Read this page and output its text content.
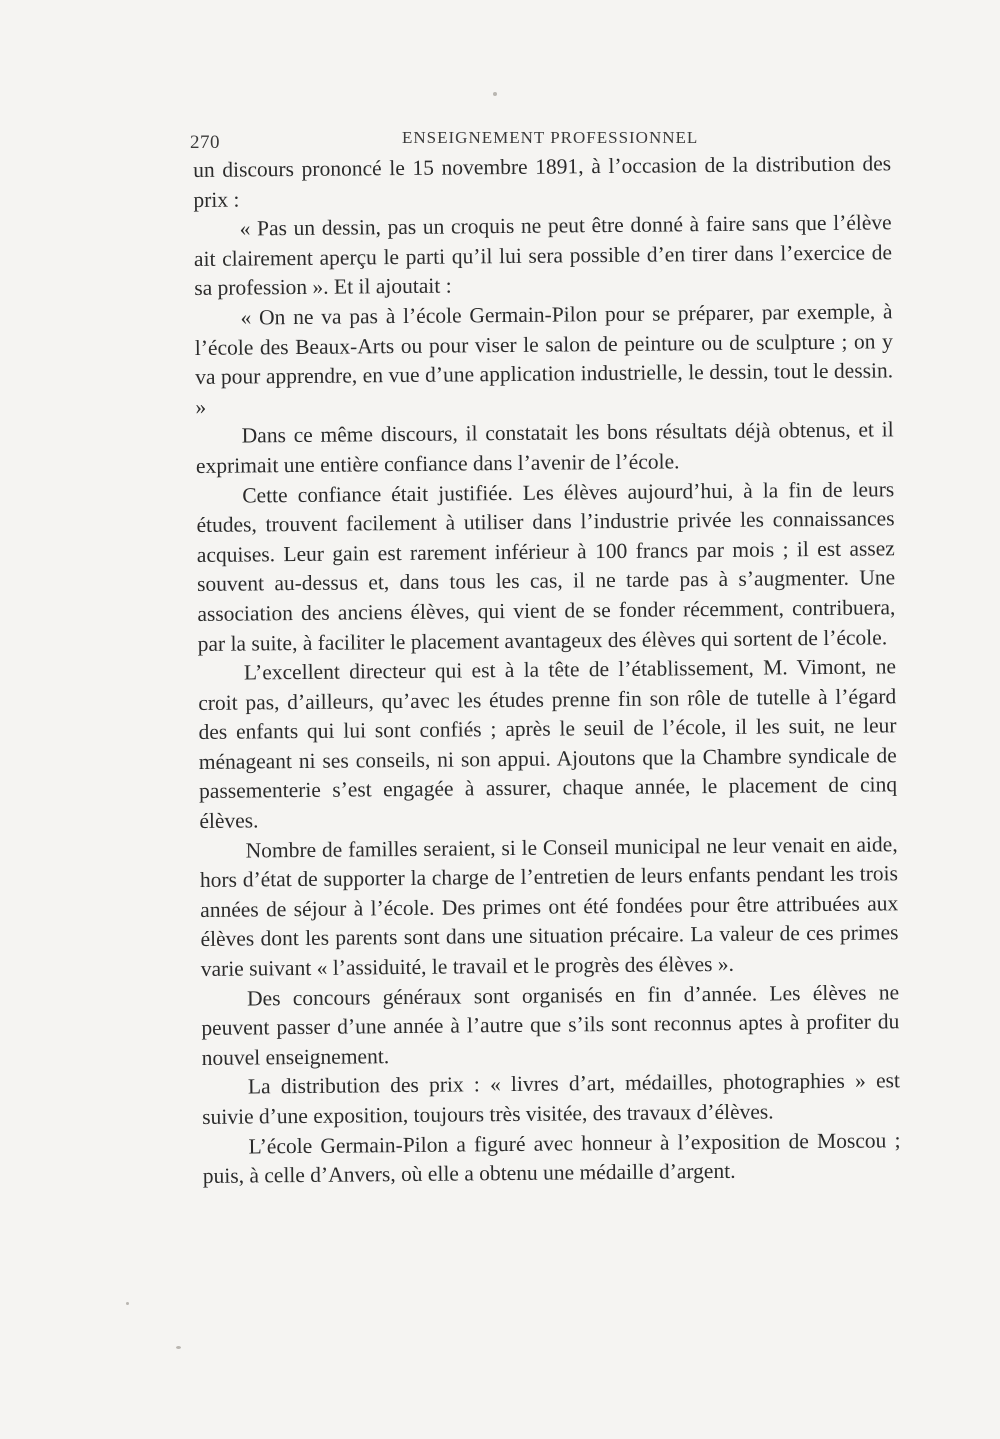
270	ENSEIGNEMENT PROFESSIONNEL

un discours prononcé le 15 novembre 1891, à l’occasion de la distribution des prix :

« Pas un dessin, pas un croquis ne peut être donné à faire sans que l’élève ait clairement aperçu le parti qu’il lui sera possible d’en tirer dans l’exercice de sa profession ». Et il ajoutait :

« On ne va pas à l’école Germain-Pilon pour se préparer, par exemple, à l’école des Beaux-Arts ou pour viser le salon de peinture ou de sculpture ; on y va pour apprendre, en vue d’une application industrielle, le dessin, tout le dessin. »

Dans ce même discours, il constatait les bons résultats déjà obtenus, et il exprimait une entière confiance dans l’avenir de l’école.

Cette confiance était justifiée. Les élèves aujourd’hui, à la fin de leurs études, trouvent facilement à utiliser dans l’industrie privée les connaissances acquises. Leur gain est rarement inférieur à 100 francs par mois ; il est assez souvent au-dessus et, dans tous les cas, il ne tarde pas à s’augmenter. Une association des anciens élèves, qui vient de se fonder récemment, contribuera, par la suite, à faciliter le placement avantageux des élèves qui sortent de l’école.

L’excellent directeur qui est à la tête de l’établissement, M. Vimont, ne croit pas, d’ailleurs, qu’avec les études prenne fin son rôle de tutelle à l’égard des enfants qui lui sont confiés ; après le seuil de l’école, il les suit, ne leur ménageant ni ses conseils, ni son appui. Ajoutons que la Chambre syndicale de passementerie s’est engagée à assurer, chaque année, le placement de cinq élèves.

Nombre de familles seraient, si le Conseil municipal ne leur venait en aide, hors d’état de supporter la charge de l’entretien de leurs enfants pendant les trois années de séjour à l’école. Des primes ont été fondées pour être attribuées aux élèves dont les parents sont dans une situation précaire. La valeur de ces primes varie suivant « l’assiduité, le travail et le progrès des élèves ».

Des concours généraux sont organisés en fin d’année. Les élèves ne peuvent passer d’une année à l’autre que s’ils sont reconnus aptes à profiter du nouvel enseignement.

La distribution des prix : « livres d’art, médailles, photographies » est suivie d’une exposition, toujours très visitée, des travaux d’élèves.

L’école Germain-Pilon a figuré avec honneur à l’exposition de Moscou ; puis, à celle d’Anvers, où elle a obtenu une médaille d’argent.
